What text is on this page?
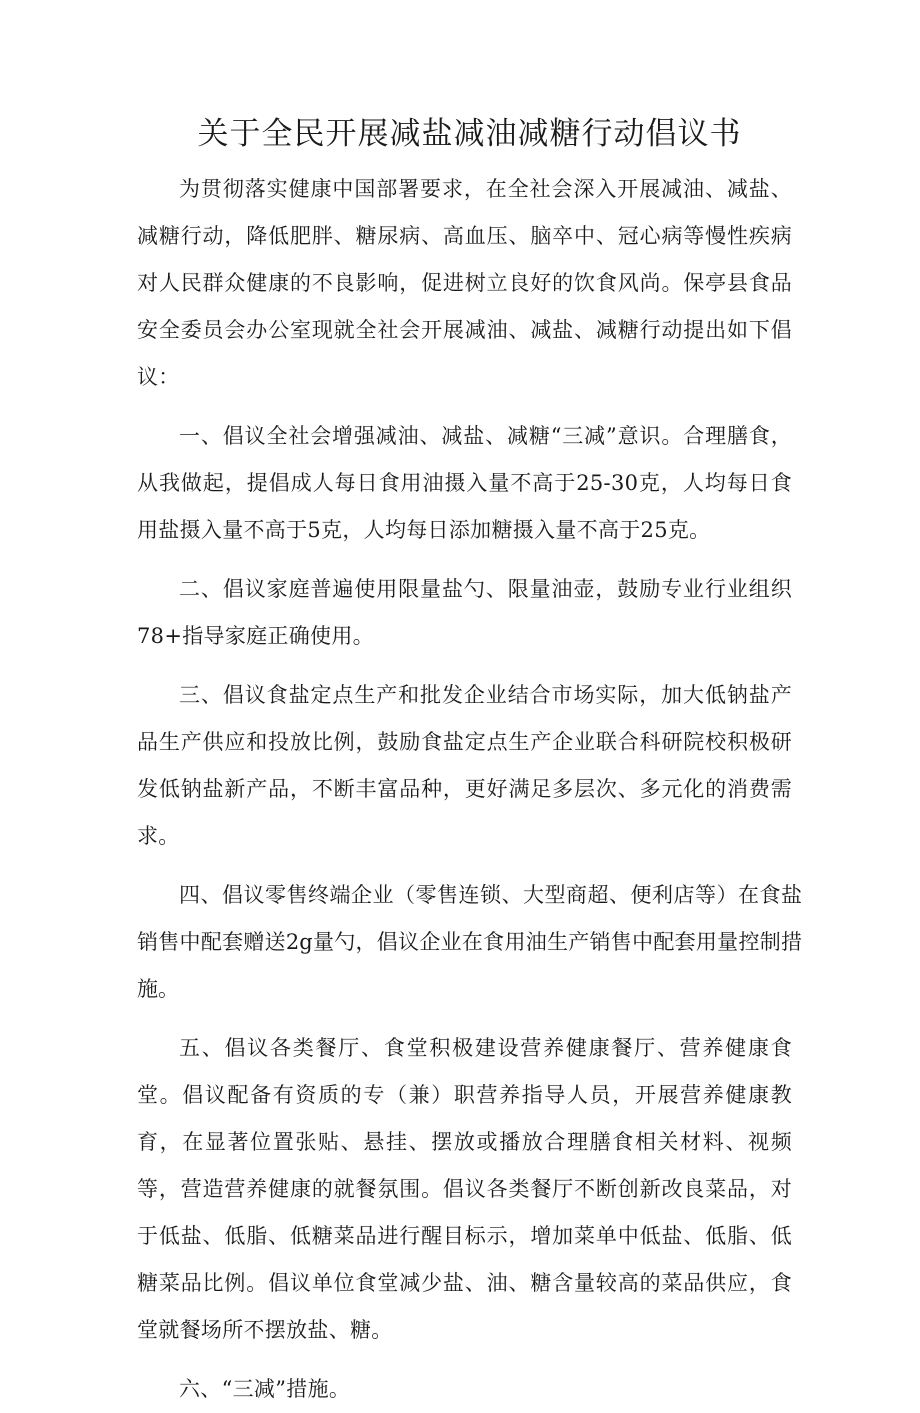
关于全民开展减盐减油减糖行动倡议书

为贯彻落实健康中国部署要求，在全社会深入开展减油、减盐、减糖行动，降低肥胖、糖尿病、高血压、脑卒中、冠心病等慢性疾病对人民群众健康的不良影响，促进树立良好的饮食风尚。保亭县食品安全委员会办公室现就全社会开展减油、减盐、减糖行动提出如下倡议：

一、倡议全社会增强减油、减盐、减糖“三减”意识。合理膳食，从我做起，提倡成人每日食用油摄入量不高于25-30克，人均每日食用盐摄入量不高于5克，人均每日添加糖摄入量不高于25克。

二、倡议家庭普遍使用限量盐勺、限量油壶，鼓励专业行业组织78+指导家庭正确使用。

三、倡议食盐定点生产和批发企业结合市场实际，加大低钠盐产品生产供应和投放比例，鼓励食盐定点生产企业联合科研院校积极研发低钠盐新产品，不断丰富品种，更好满足多层次、多元化的消费需求。

四、倡议零售终端企业（零售连锁、大型商超、便利店等）在食盐销售中配套赠送2g量勺，倡议企业在食用油生产销售中配套用量控制措施。

五、倡议各类餐厅、食堂积极建设营养健康餐厅、营养健康食堂。倡议配备有资质的专（兼）职营养指导人员，开展营养健康教育，在显著位置张贴、悬挂、摆放或播放合理膳食相关材料、视频等，营造营养健康的就餐氛围。倡议各类餐厅不断创新改良菜品，对于低盐、低脂、低糖菜品进行醒目标示，增加菜单中低盐、低脂、低糖菜品比例。倡议单位食堂减少盐、油、糖含量较高的菜品供应，食堂就餐场所不摆放盐、糖。

六、“三减”措施。
